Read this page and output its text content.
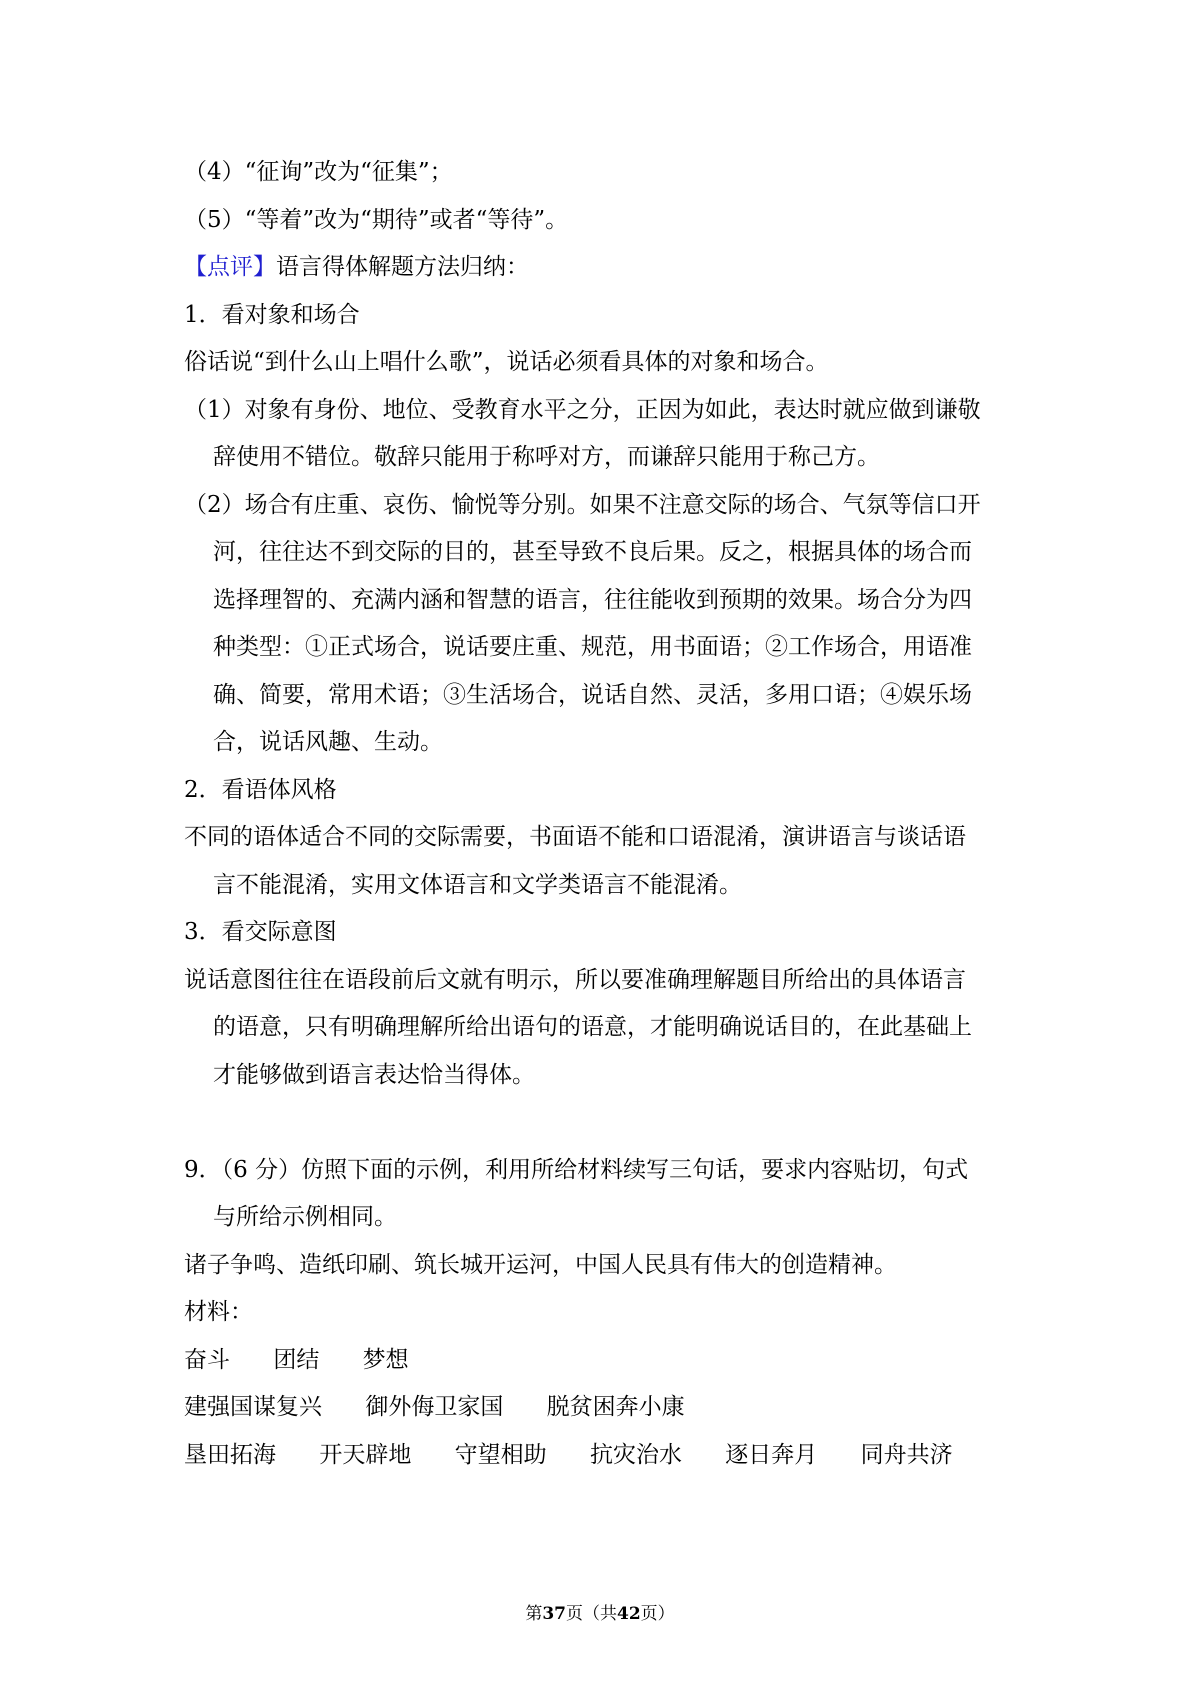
（4）“征询”改为“征集”；
（5）“等着”改为“期待”或者“等待”。
【点评】语言得体解题方法归纳：
1．看对象和场合
俗话说“到什么山上唱什么歌”，说话必须看具体的对象和场合。
（1）对象有身份、地位、受教育水平之分，正因为如此，表达时就应做到谦敬
辞使用不错位。敬辞只能用于称呼对方，而谦辞只能用于称己方。
（2）场合有庄重、哀伤、愉悦等分别。如果不注意交际的场合、气氛等信口开
河，往往达不到交际的目的，甚至导致不良后果。反之，根据具体的场合而
选择理智的、充满内涵和智慧的语言，往往能收到预期的效果。场合分为四
种类型：①正式场合，说话要庄重、规范，用书面语；②工作场合，用语准
确、简要，常用术语；③生活场合，说话自然、灵活，多用口语；④娱乐场
合，说话风趣、生动。
2．看语体风格
不同的语体适合不同的交际需要，书面语不能和口语混淆，演讲语言与谈话语
言不能混淆，实用文体语言和文学类语言不能混淆。
3．看交际意图
说话意图往往在语段前后文就有明示，所以要准确理解题目所给出的具体语言
的语意，只有明确理解所给出语句的语意，才能明确说话目的，在此基础上
才能够做到语言表达恰当得体。
9．（6 分）仿照下面的示例，利用所给材料续写三句话，要求内容贴切，句式
与所给示例相同。
诸子争鸣、造纸印刷、筑长城开运河，中国人民具有伟大的创造精神。
材料：
奋斗 团结 梦想
建强国谋复兴 御外侮卫家国 脱贫困奔小康
垦田拓海 开天辟地 守望相助 抗灾治水 逐日奔月 同舟共济
第37页（共42页）
